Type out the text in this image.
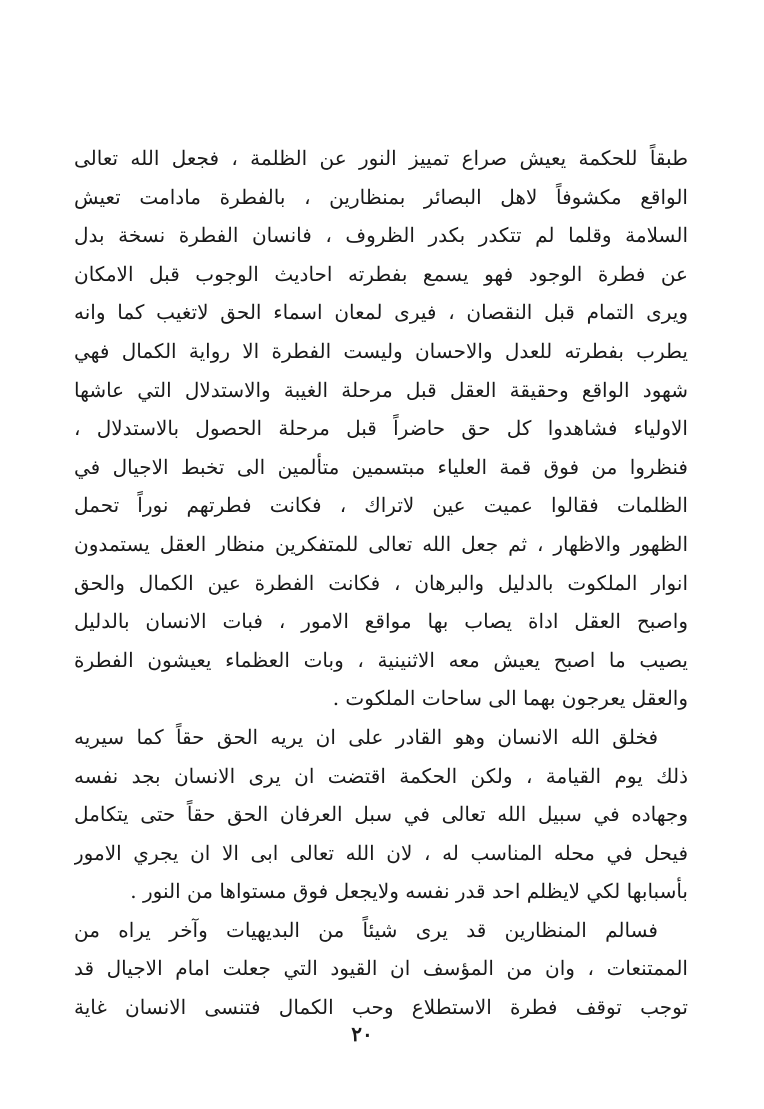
طبقاً للحكمة يعيش صراع تمييز النور عن الظلمة ، فجعل الله تعالى
الواقع مكشوفاً لاهل البصائر بمنظارين ، بالفطرة مادامت تعيش
السلامة وقلما لم تتكدر بكدر الظروف ، فانسان الفطرة نسخة بدل
عن فطرة الوجود فهو يسمع بفطرته احاديث الوجوب قبل الامكان
ويرى التمام قبل النقصان ، فيرى لمعان اسماء الحق لاتغيب كما وانه
يطرب بفطرته للعدل والاحسان وليست الفطرة الا رواية الكمال فهي
شهود الواقع وحقيقة العقل قبل مرحلة الغيبة والاستدلال التي عاشها
الاولياء فشاهدوا كل حق حاضراً قبل مرحلة الحصول بالاستدلال ،
فنظروا من فوق قمة العلياء مبتسمين متألمين الى تخبط الاجيال في
الظلمات فقالوا عميت عين لاتراك ، فكانت فطرتهم نوراً تحمل
الظهور والاظهار ، ثم جعل الله تعالى للمتفكرين منظار العقل يستمدون
انوار الملكوت بالدليل والبرهان ، فكانت الفطرة عين الكمال والحق
واصبح العقل اداة يصاب بها مواقع الامور ، فبات الانسان بالدليل
يصيب ما اصبح يعيش معه الاثنينية ، وبات العظماء يعيشون الفطرة
والعقل يعرجون بهما الى ساحات الملكوت .
فخلق الله الانسان وهو القادر على ان يريه الحق حقاً كما سيريه
ذلك يوم القيامة ، ولكن الحكمة اقتضت ان يرى الانسان بجد نفسه
وجهاده في سبيل الله تعالى في سبل العرفان الحق حقاً حتى يتكامل
فيحل في محله المناسب له ، لان الله تعالى ابى الا ان يجري الامور
بأسبابها لكي لايظلم احد قدر نفسه ولايجعل فوق مستواها من النور .
فسالم المنظارين قد يرى شيئاً من البديهيات وآخر يراه من
الممتنعات ، وان من المؤسف ان القيود التي جعلت امام الاجيال قد
توجب توقف فطرة الاستطلاع وحب الكمال فتنسى الانسان غاية
٢٠
